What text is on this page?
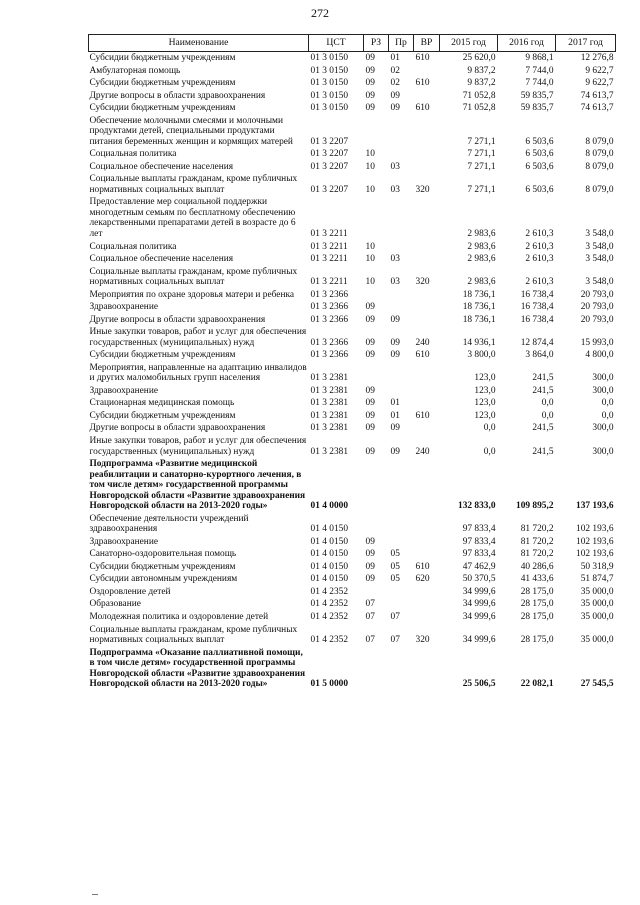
272
Наименование	ЦСТ	РЗ	Пр	ВР	2015 год	2016 год	2017 год
Субсидии бюджетным учреждениям	01 3 0150	09	01	610	25 620,0	9 868,1	12 276,8
Амбулаторная помощь	01 3 0150	09	02		9 837,2	7 744,0	9 622,7
Субсидии бюджетным учреждениям	01 3 0150	09	02	610	9 837,2	7 744,0	9 622,7
Другие вопросы в области здравоохранения	01 3 0150	09	09		71 052,8	59 835,7	74 613,7
Субсидии бюджетным учреждениям	01 3 0150	09	09	610	71 052,8	59 835,7	74 613,7
Обеспечение молочными смесями и молочными продуктами детей, специальными продуктами питания беременных женщин и кормящих матерей	01 3 2207				7 271,1	6 503,6	8 079,0
Социальная политика	01 3 2207	10			7 271,1	6 503,6	8 079,0
Социальное обеспечение населения	01 3 2207	10	03		7 271,1	6 503,6	8 079,0
Социальные выплаты гражданам, кроме публичных нормативных социальных выплат	01 3 2207	10	03	320	7 271,1	6 503,6	8 079,0
Предоставление мер социальной поддержки многодетным семьям по бесплатному обеспечению лекарственными препаратами детей в возрасте до 6 лет	01 3 2211				2 983,6	2 610,3	3 548,0
Социальная политика	01 3 2211	10			2 983,6	2 610,3	3 548,0
Социальное обеспечение населения	01 3 2211	10	03		2 983,6	2 610,3	3 548,0
Социальные выплаты гражданам, кроме публичных нормативных социальных выплат	01 3 2211	10	03	320	2 983,6	2 610,3	3 548,0
Мероприятия по охране здоровья матери и ребенка	01 3 2366				18 736,1	16 738,4	20 793,0
Здравоохранение	01 3 2366	09			18 736,1	16 738,4	20 793,0
Другие вопросы в области здравоохранения	01 3 2366	09	09		18 736,1	16 738,4	20 793,0
Иные закупки товаров, работ и услуг для обеспечения государственных (муниципальных) нужд	01 3 2366	09	09	240	14 936,1	12 874,4	15 993,0
Субсидии бюджетным учреждениям	01 3 2366	09	09	610	3 800,0	3 864,0	4 800,0
Мероприятия, направленные на адаптацию инвалидов и других маломобильных групп населения	01 3 2381				123,0	241,5	300,0
Здравоохранение	01 3 2381	09			123,0	241,5	300,0
Стационарная медицинская помощь	01 3 2381	09	01		123,0	0,0	0,0
Субсидии бюджетным учреждениям	01 3 2381	09	01	610	123,0	0,0	0,0
Другие вопросы в области здравоохранения	01 3 2381	09	09		0,0	241,5	300,0
Иные закупки товаров, работ и услуг для обеспечения государственных (муниципальных) нужд	01 3 2381	09	09	240	0,0	241,5	300,0
Подпрограмма «Развитие медицинской реабилитации и санаторно-курортного лечения, в том числе детям» государственной программы Новгородской области «Развитие здравоохранения Новгородской области на 2013-2020 годы»	01 4 0000				132 833,0	109 895,2	137 193,6
Обеспечение деятельности учреждений здравоохранения	01 4 0150				97 833,4	81 720,2	102 193,6
Здравоохранение	01 4 0150	09			97 833,4	81 720,2	102 193,6
Санаторно-оздоровительная помощь	01 4 0150	09	05		97 833,4	81 720,2	102 193,6
Субсидии бюджетным учреждениям	01 4 0150	09	05	610	47 462,9	40 286,6	50 318,9
Субсидии автономным учреждениям	01 4 0150	09	05	620	50 370,5	41 433,6	51 874,7
Оздоровление детей	01 4 2352				34 999,6	28 175,0	35 000,0
Образование	01 4 2352	07			34 999,6	28 175,0	35 000,0
Молодежная политика и оздоровление детей	01 4 2352	07	07		34 999,6	28 175,0	35 000,0
Социальные выплаты гражданам, кроме публичных нормативных социальных выплат	01 4 2352	07	07	320	34 999,6	28 175,0	35 000,0
Подпрограмма «Оказание паллиативной помощи, в том числе детям» государственной программы Новгородской области «Развитие здравоохранения Новгородской области на 2013-2020 годы»	01 5 0000				25 506,5	22 082,1	27 545,5
